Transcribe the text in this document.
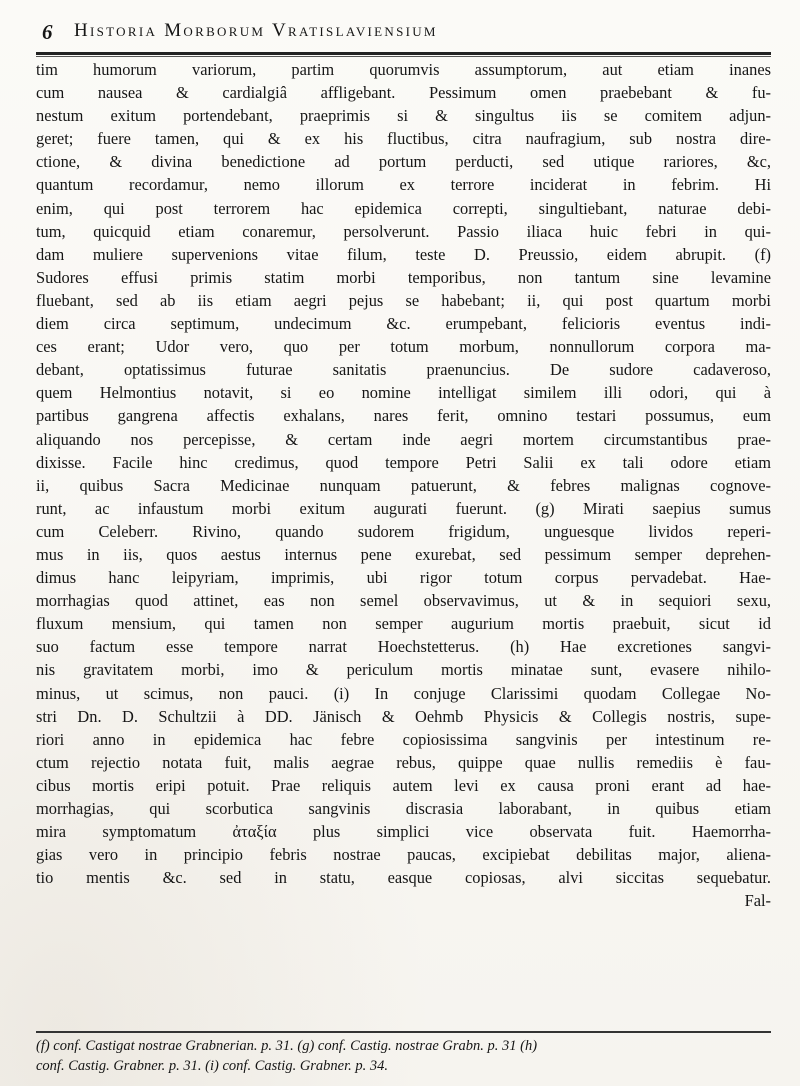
6 Historia Morborum Vratislaviensium
tim humorum variorum, partim quorumvis assumptorum, aut etiam inanes
cum nausea & cardialgiâ affligebant. Pessimum omen praebebant & fu-
nestum exitum portendebant, praeprimis si & singultus iis se comitem adjun-
geret; fuere tamen, qui & ex his fluctibus, citra naufragium, sub nostra dire-
ctione, & divina benedictione ad portum perducti, sed utique rariores, &c,
quantum recordamur, nemo illorum ex terrore inciderat in febrim. Hi
enim, qui post terrorem hac epidemica correpti, singultiebant, naturae debi-
tum, quicquid etiam conaremur, persolverunt. Passio iliaca huic febri in qui-
dam muliere supervenions vitae filum, teste D. Preussio, eidem abrupit. (f)
Sudores effusi primis statim morbi temporibus, non tantum sine levamine
fluebant, sed ab iis etiam aegri pejus se habebant; ii, qui post quartum morbi
diem circa septimum, undecimum &c. erumpebant, felicioris eventus indi-
ces erant; Udor vero, quo per totum morbum, nonnullorum corpora ma-
debant, optatissimus futurae sanitatis praenuncius. De sudore cadaveroso,
quem Helmontius notavit, si eo nomine intelligat similem illi odori, qui à
partibus gangrena affectis exhalans, nares ferit, omnino testari possumus, eum
aliquando nos percepisse, & certam inde aegri mortem circumstantibus prae-
dixisse. Facile hinc credimus, quod tempore Petri Salii ex tali odore etiam
ii, quibus Sacra Medicinae nunquam patuerunt, & febres malignas cognove-
runt, ac infaustum morbi exitum augurati fuerunt. (g) Mirati saepius sumus
cum Celeberr. Rivino, quando sudorem frigidum, unguesque lividos reperi-
mus in iis, quos aestus internus pene exurebat, sed pessimum semper deprehen-
dimus hanc leipyriam, imprimis, ubi rigor totum corpus pervadebat. Hae-
morrhagias quod attinet, eas non semel observavimus, ut & in sequiori sexu,
fluxum mensium, qui tamen non semper augurium mortis praebuit, sicut id
suo factum esse tempore narrat Hoechstetterus. (h) Hae excretiones sangvi-
nis gravitatem morbi, imo & periculum mortis minatae sunt, evasere nihilo-
minus, ut scimus, non pauci. (i) In conjuge Clarissimi quodam Collegae No-
stri Dn. D. Schultzii à DD. Jänisch & Oehmb Physicis & Collegis nostris, supe-
riori anno in epidemica hac febre copiosissima sangvinis per intestinum re-
ctum rejectio notata fuit, malis aegrae rebus, quippe quae nullis remediis è fau-
cibus mortis eripi potuit. Prae reliquis autem levi ex causa proni erant ad hae-
morrhagias, qui scorbutica sangvinis discrasia laborabant, in quibus etiam
mira symptomatum ἀταξία plus simplici vice observata fuit. Haemorrha-
gias vero in principio febris nostrae paucas, excipiebat debilitas major, aliena-
tio mentis &c. sed in statu, easque copiosas, alvi siccitas sequebatur.
Fal-
(f) conf. Castigat nostrae Grabnerian. p. 31. (g) conf. Castig. nostrae Grabn. p. 31 (h)
conf. Castig. Grabner. p. 31. (i) conf. Castig. Grabner. p. 34.
